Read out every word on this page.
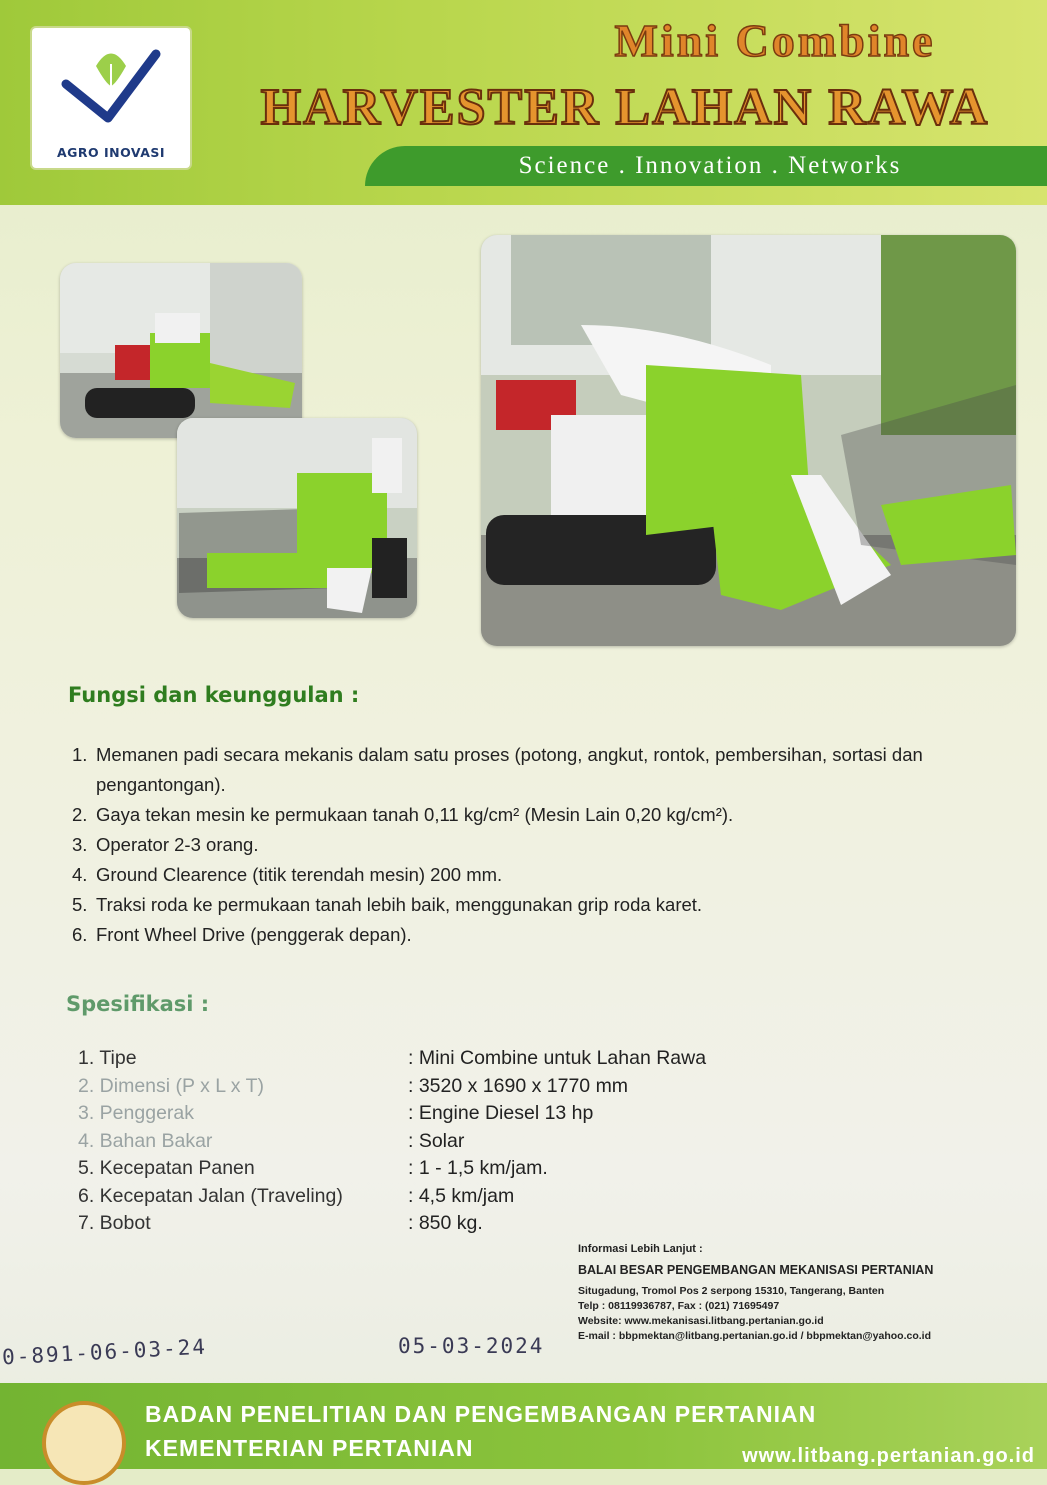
AGRO INOVASI
Mini Combine
HARVESTER LAHAN RAWA
Science . Innovation . Networks
Fungsi dan keunggulan :
1. Memanen padi secara mekanis dalam satu proses (potong, angkut, rontok, pembersihan, sortasi dan pengantongan).
2. Gaya tekan mesin ke permukaan tanah 0,11 kg/cm² (Mesin Lain 0,20 kg/cm²).
3. Operator 2-3 orang.
4. Ground Clearence (titik terendah mesin) 200 mm.
5. Traksi roda ke permukaan tanah lebih baik, menggunakan grip roda karet.
6. Front Wheel Drive (penggerak depan).
Spesifikasi :
1. Tipe	: Mini Combine untuk Lahan Rawa
2. Dimensi (P x L x T)	: 3520 x 1690 x 1770 mm
3. Penggerak	: Engine Diesel 13 hp
4. Bahan Bakar	: Solar
5. Kecepatan Panen	: 1 - 1,5 km/jam.
6. Kecepatan Jalan (Traveling)	: 4,5 km/jam
7. Bobot	: 850 kg.
Informasi Lebih Lanjut :
BALAI BESAR PENGEMBANGAN MEKANISASI PERTANIAN
Situgadung, Tromol Pos 2 serpong 15310, Tangerang, Banten
Telp : 08119936787, Fax : (021) 71695497
Website: www.mekanisasi.litbang.pertanian.go.id
E-mail : bbpmektan@litbang.pertanian.go.id / bbpmektan@yahoo.co.id
0-891-06-03-24	05-03-2024
BADAN PENELITIAN DAN PENGEMBANGAN PERTANIAN
KEMENTERIAN PERTANIAN	www.litbang.pertanian.go.id
